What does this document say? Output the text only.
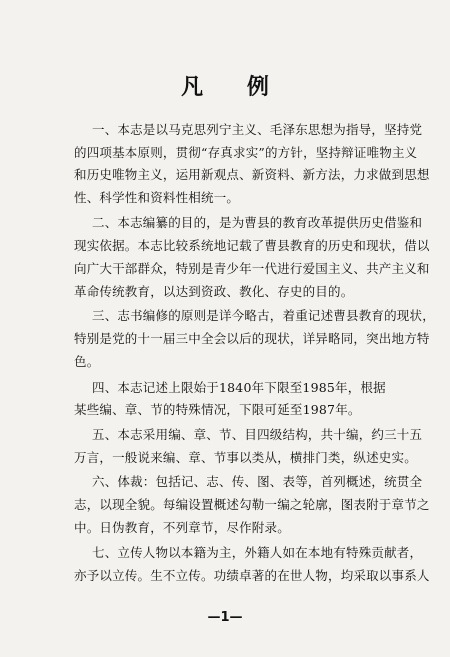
凡 例
一、本志是以马克思列宁主义、毛泽东思想为指导，坚持党
的四项基本原则，贯彻“存真求实”的方针，坚持辩证唯物主义
和历史唯物主义，运用新观点、新资料、新方法，力求做到思想
性、科学性和资料性相统一。
二、本志编纂的目的，是为曹县的教育改革提供历史借鉴和
现实依据。本志比较系统地记载了曹县教育的历史和现状，借以
向广大干部群众，特别是青少年一代进行爱国主义、共产主义和
革命传统教育，以达到资政、教化、存史的目的。
三、志书编修的原则是详今略古，着重记述曹县教育的现状，
特别是党的十一届三中全会以后的现状，详异略同，突出地方特
色。
四、本志记述上限始于1840年下限至1985年，根据
某些编、章、节的特殊情况，下限可延至1987年。
五、本志采用编、章、节、目四级结构，共十编，约三十五
万言，一般说来编、章、节事以类从，横排门类，纵述史实。
六、体裁：包括记、志、传、图、表等，首列概述，统贯全
志，以现全貌。每编设置概述勾勒一编之轮廓，图表附于章节之
中。日伪教育，不列章节，尽作附录。
七、立传人物以本籍为主，外籍人如在本地有特殊贡献者，
亦予以立传。生不立传。功绩卓著的在世人物，均采取以事系人
—1—
